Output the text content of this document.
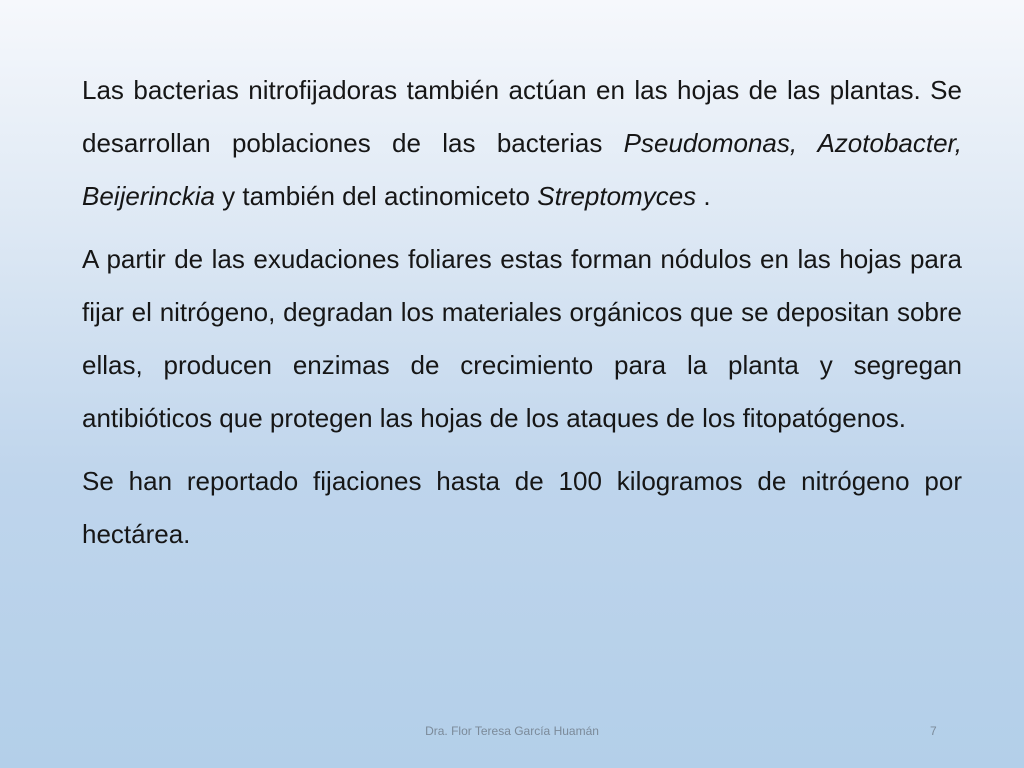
Las bacterias nitrofijadoras también actúan en las hojas de las plantas. Se desarrollan poblaciones de las bacterias Pseudomonas, Azotobacter, Beijerinckia y también del actinomiceto Streptomyces .

A partir de las exudaciones foliares estas forman nódulos en las hojas para fijar el nitrógeno, degradan los materiales orgánicos que se depositan sobre ellas, producen enzimas de crecimiento para la planta y segregan antibióticos que protegen las hojas de los ataques de los fitopatógenos.

Se han reportado fijaciones hasta de 100 kilogramos de nitrógeno por hectárea.

Dra. Flor Teresa García Huamán	7
